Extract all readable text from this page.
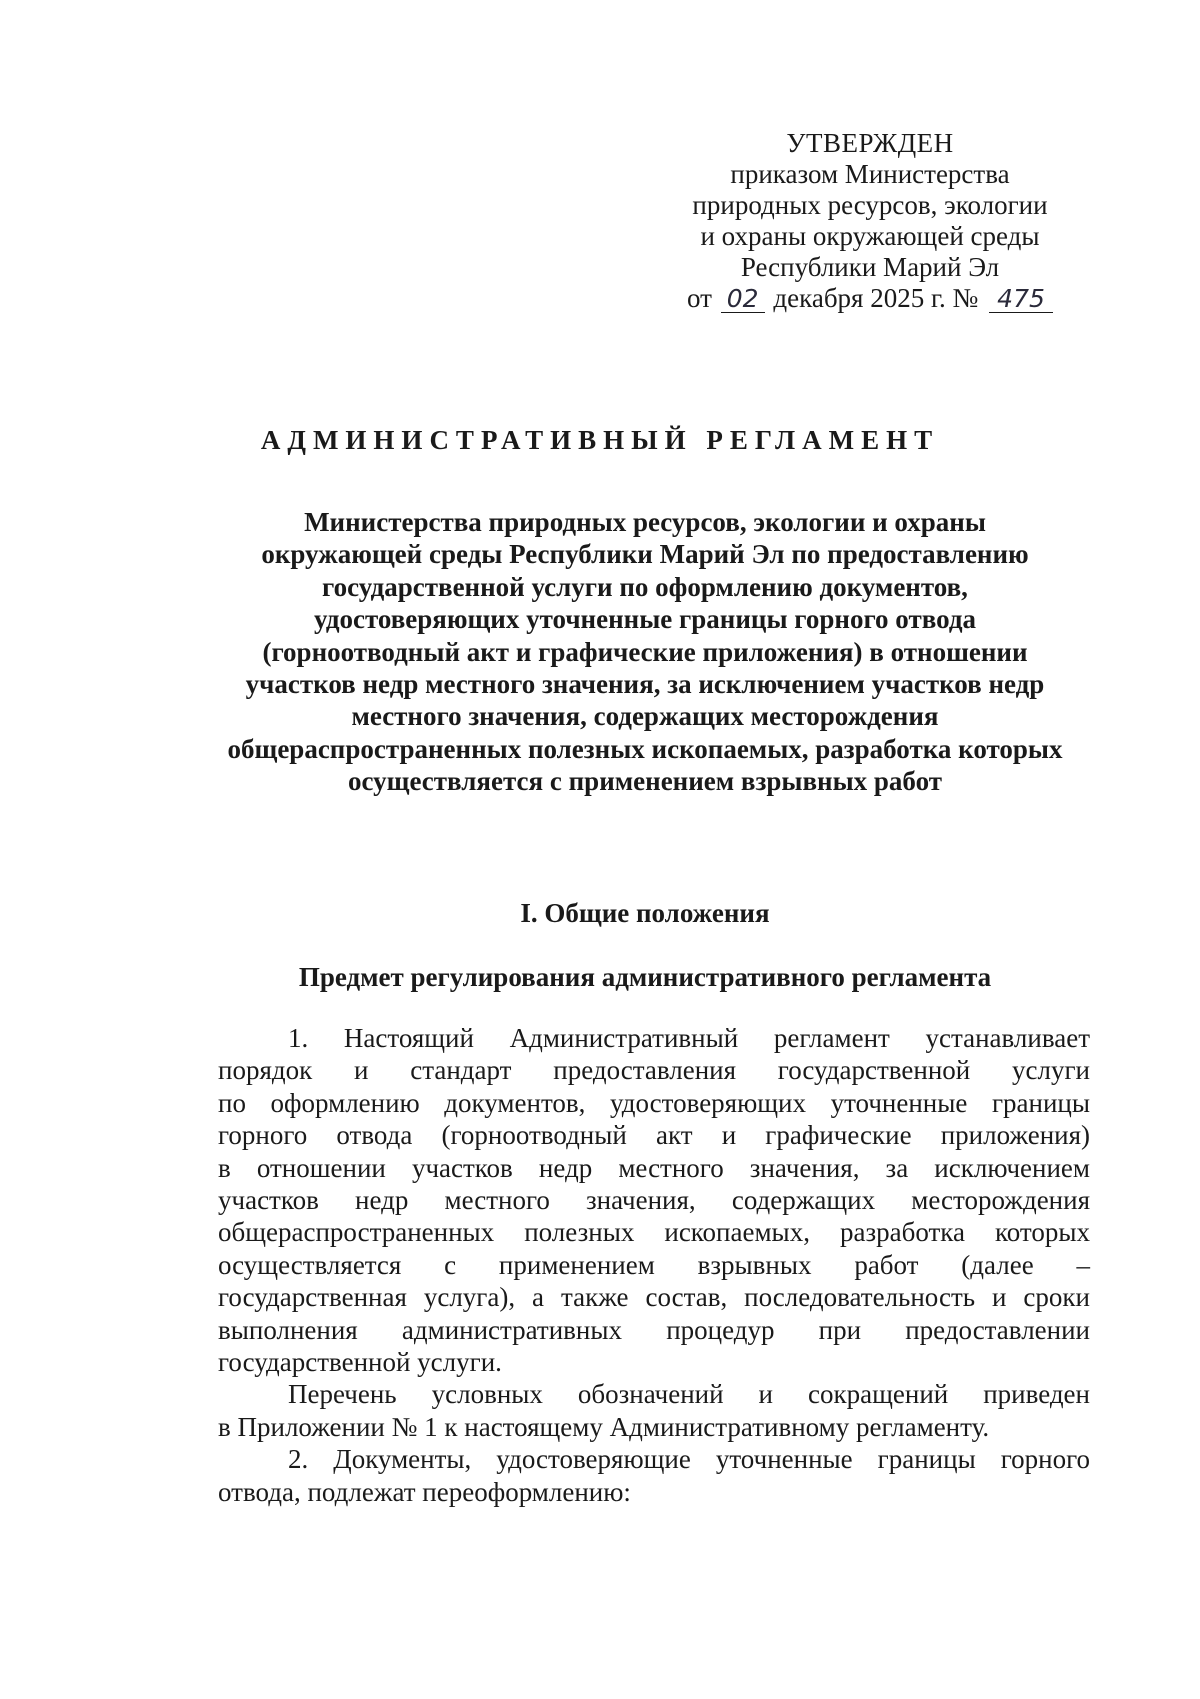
УТВЕРЖДЕН
приказом Министерства
природных ресурсов, экологии
и охраны окружающей среды
Республики Марий Эл
от 02 декабря 2025 г. № 475
АДМИНИСТРАТИВНЫЙ РЕГЛАМЕНТ
Министерства природных ресурсов, экологии и охраны
окружающей среды Республики Марий Эл по предоставлению
государственной услуги по оформлению документов,
удостоверяющих уточненные границы горного отвода
(горноотводный акт и графические приложения) в отношении
участков недр местного значения, за исключением участков недр
местного значения, содержащих месторождения
общераспространенных полезных ископаемых, разработка которых
осуществляется с применением взрывных работ
I. Общие положения
Предмет регулирования административного регламента
1. Настоящий Административный регламент устанавливает
порядок и стандарт предоставления государственной услуги
по оформлению документов, удостоверяющих уточненные границы
горного отвода (горноотводный акт и графические приложения)
в отношении участков недр местного значения, за исключением
участков недр местного значения, содержащих месторождения
общераспространенных полезных ископаемых, разработка которых
осуществляется с применением взрывных работ (далее –
государственная услуга), а также состав, последовательность и сроки
выполнения административных процедур при предоставлении
государственной услуги.
Перечень условных обозначений и сокращений приведен
в Приложении № 1 к настоящему Административному регламенту.
2. Документы, удостоверяющие уточненные границы горного
отвода, подлежат переоформлению:
